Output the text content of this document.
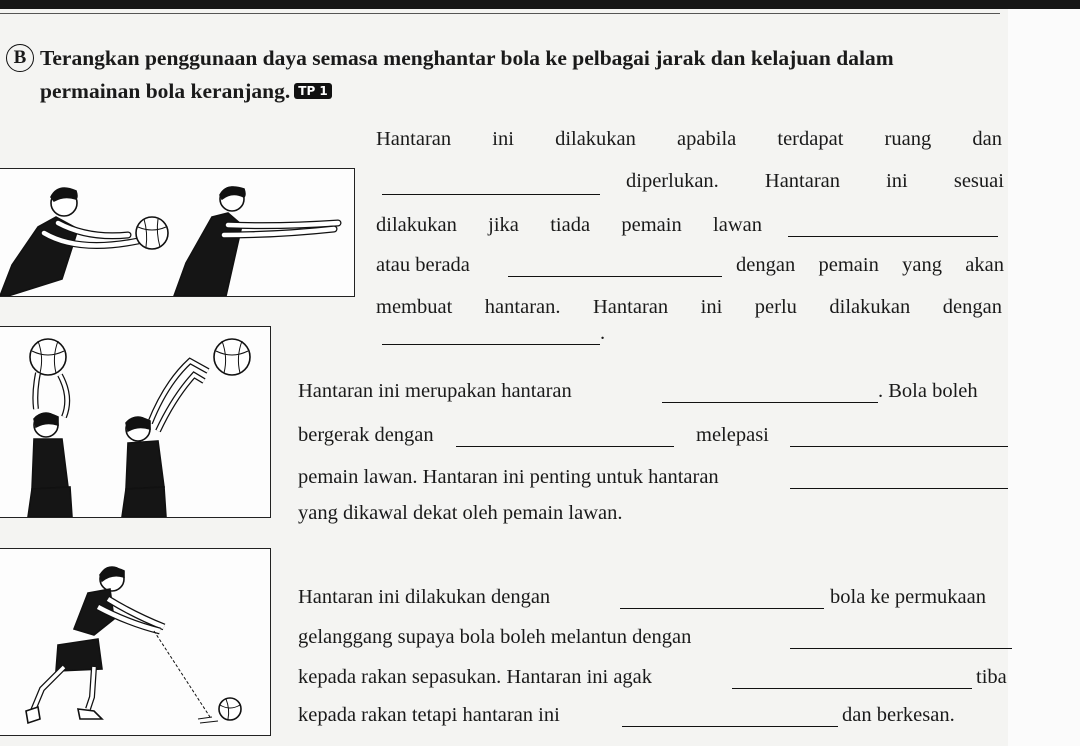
B Terangkan penggunaan daya semasa menghantar bola ke pelbagai jarak dan kelajuan dalam
permainan bola keranjang. TP 1
Hantaran ini dilakukan apabila terdapat ruang dan
diperlukan. Hantaran ini sesuai
dilakukan jika tiada pemain lawan
atau berada	dengan pemain yang akan
membuat hantaran. Hantaran ini perlu dilakukan dengan
.
Hantaran ini merupakan hantaran	. Bola boleh
bergerak dengan	melepasi
pemain lawan. Hantaran ini penting untuk hantaran
yang dikawal dekat oleh pemain lawan.
Hantaran ini dilakukan dengan	bola ke permukaan
gelanggang supaya bola boleh melantun dengan
kepada rakan sepasukan. Hantaran ini agak	tiba
kepada rakan tetapi hantaran ini	dan berkesan.
